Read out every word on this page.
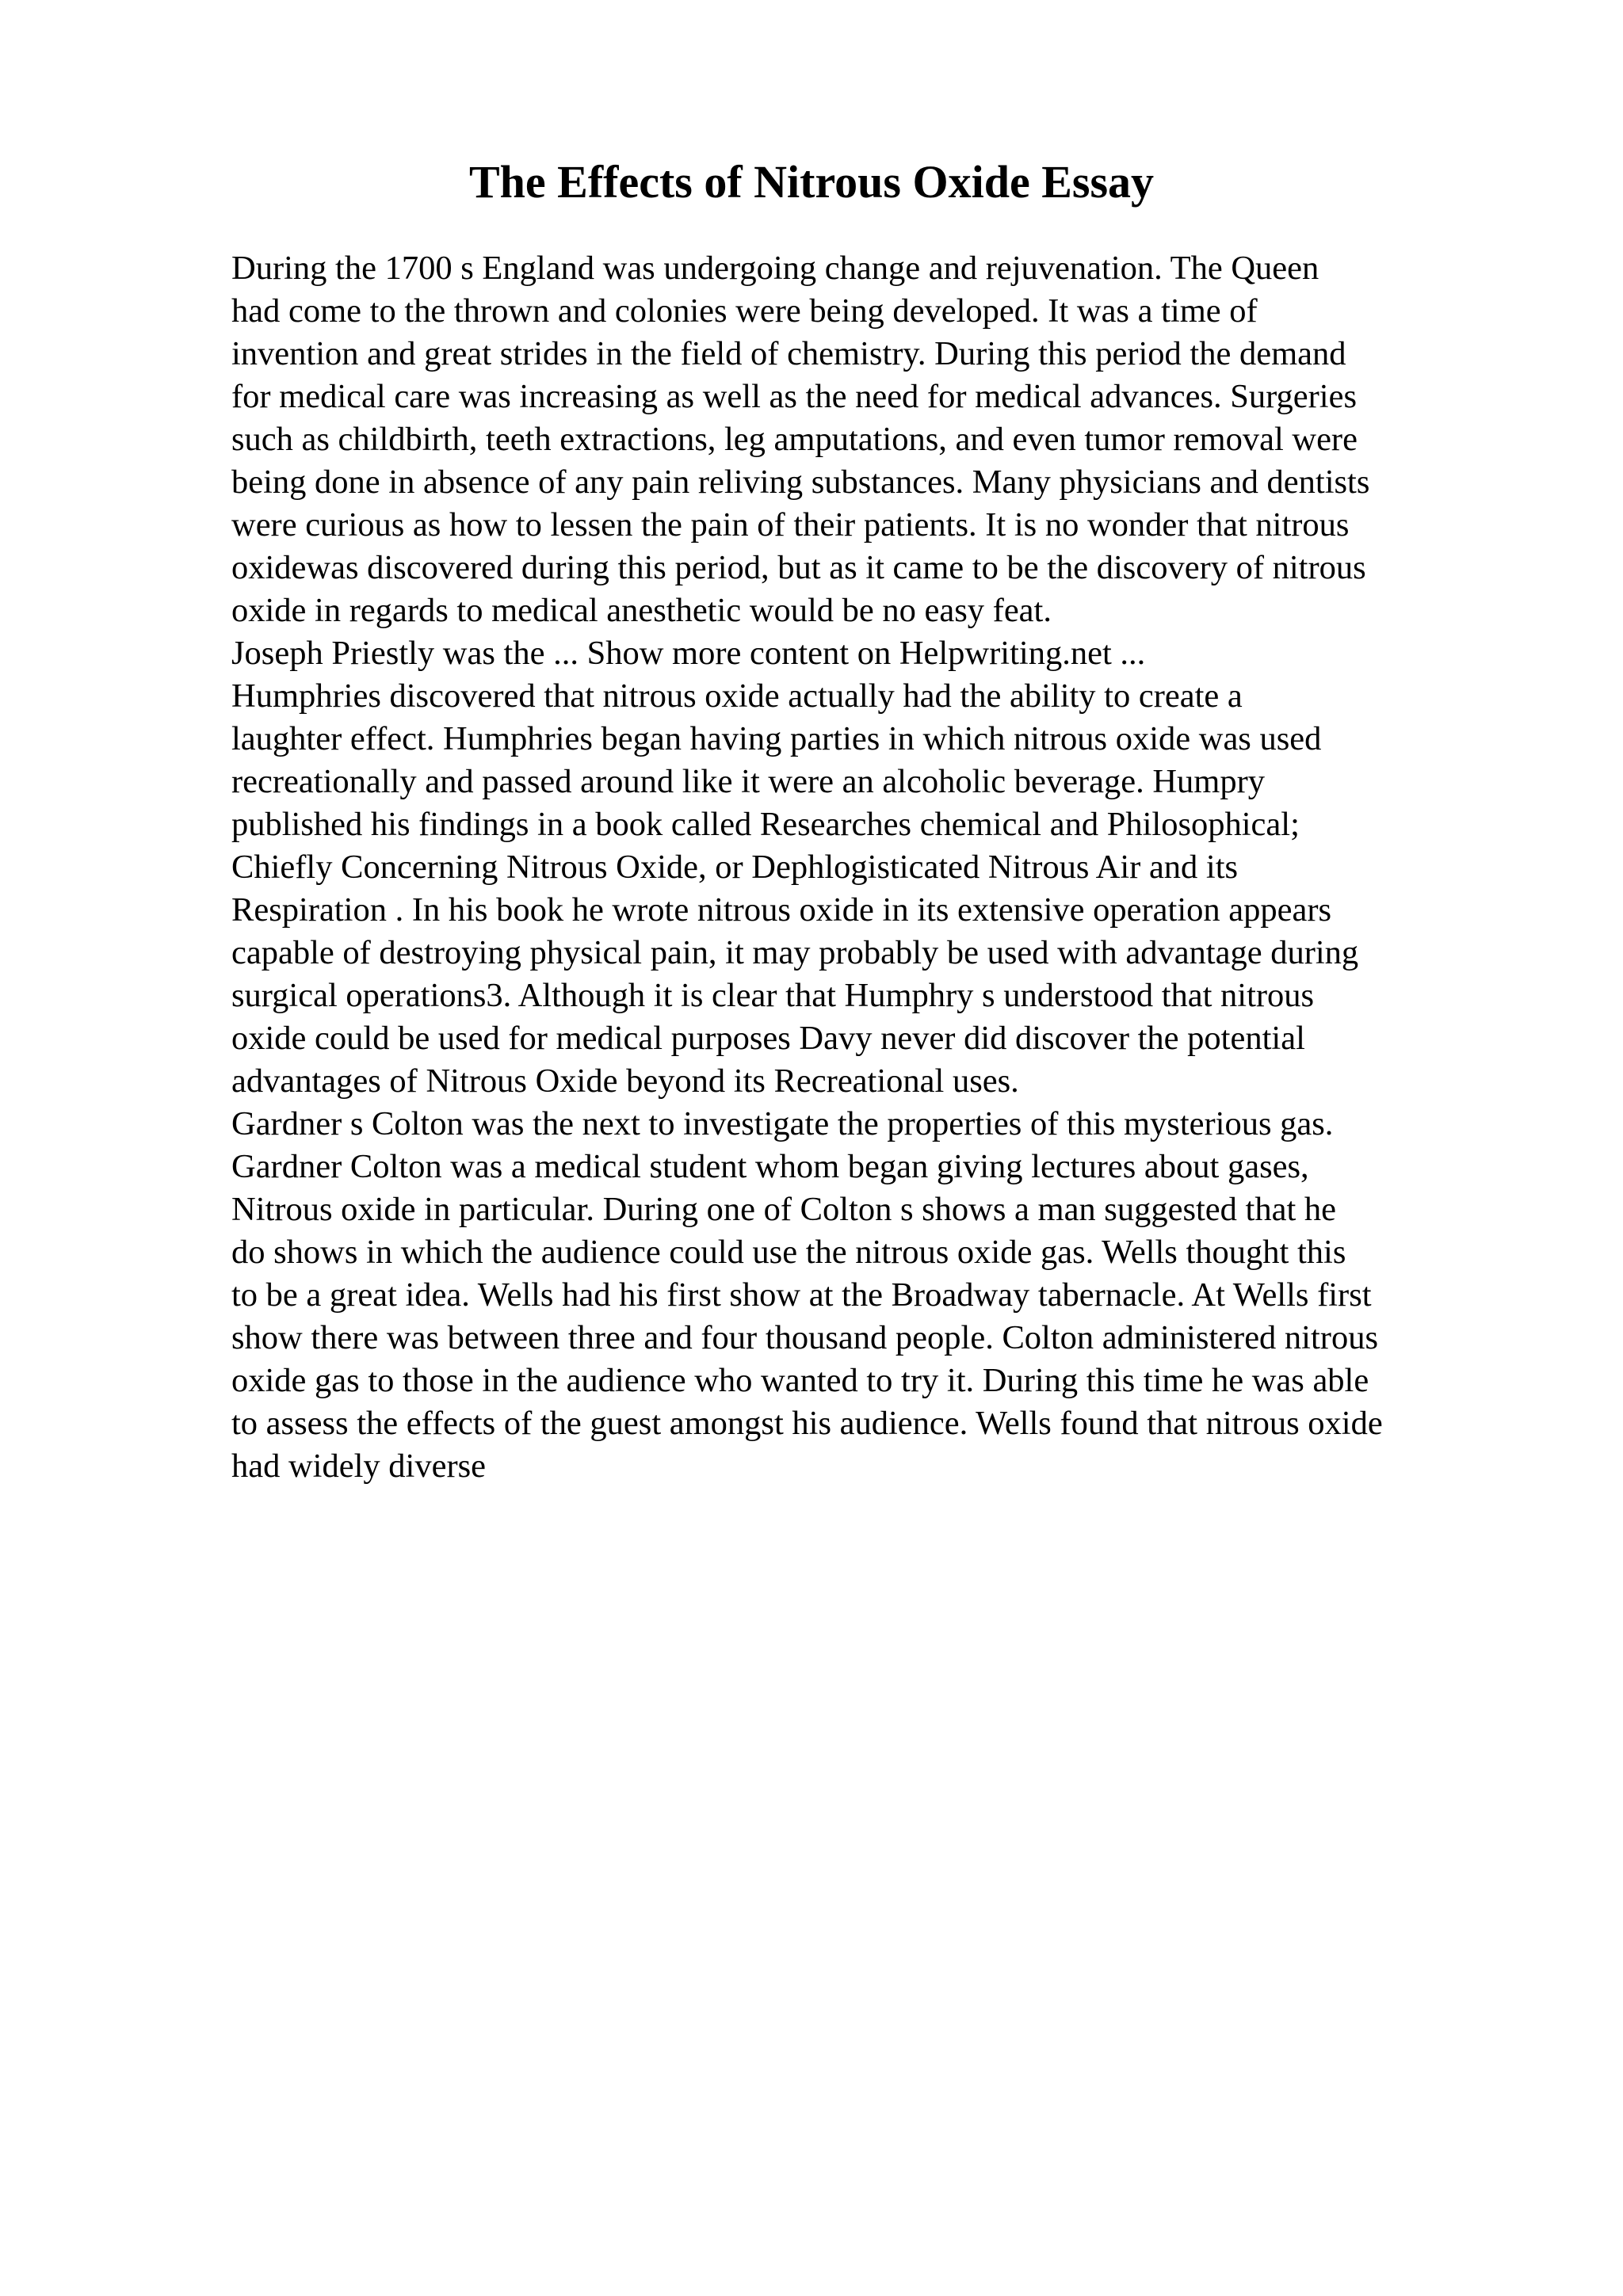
The Effects of Nitrous Oxide Essay
During the 1700 s England was undergoing change and rejuvenation. The Queen
had come to the thrown and colonies were being developed. It was a time of
invention and great strides in the field of chemistry. During this period the demand
for medical care was increasing as well as the need for medical advances. Surgeries
such as childbirth, teeth extractions, leg amputations, and even tumor removal were
being done in absence of any pain reliving substances. Many physicians and dentists
were curious as how to lessen the pain of their patients. It is no wonder that nitrous
oxidewas discovered during this period, but as it came to be the discovery of nitrous
oxide in regards to medical anesthetic would be no easy feat.
Joseph Priestly was the ... Show more content on Helpwriting.net ...
Humphries discovered that nitrous oxide actually had the ability to create a
laughter effect. Humphries began having parties in which nitrous oxide was used
recreationally and passed around like it were an alcoholic beverage. Humpry
published his findings in a book called Researches chemical and Philosophical;
Chiefly Concerning Nitrous Oxide, or Dephlogisticated Nitrous Air and its
Respiration . In his book he wrote nitrous oxide in its extensive operation appears
capable of destroying physical pain, it may probably be used with advantage during
surgical operations3. Although it is clear that Humphry s understood that nitrous
oxide could be used for medical purposes Davy never did discover the potential
advantages of Nitrous Oxide beyond its Recreational uses.
Gardner s Colton was the next to investigate the properties of this mysterious gas.
Gardner Colton was a medical student whom began giving lectures about gases,
Nitrous oxide in particular. During one of Colton s shows a man suggested that he
do shows in which the audience could use the nitrous oxide gas. Wells thought this
to be a great idea. Wells had his first show at the Broadway tabernacle. At Wells first
show there was between three and four thousand people. Colton administered nitrous
oxide gas to those in the audience who wanted to try it. During this time he was able
to assess the effects of the guest amongst his audience. Wells found that nitrous oxide
had widely diverse
